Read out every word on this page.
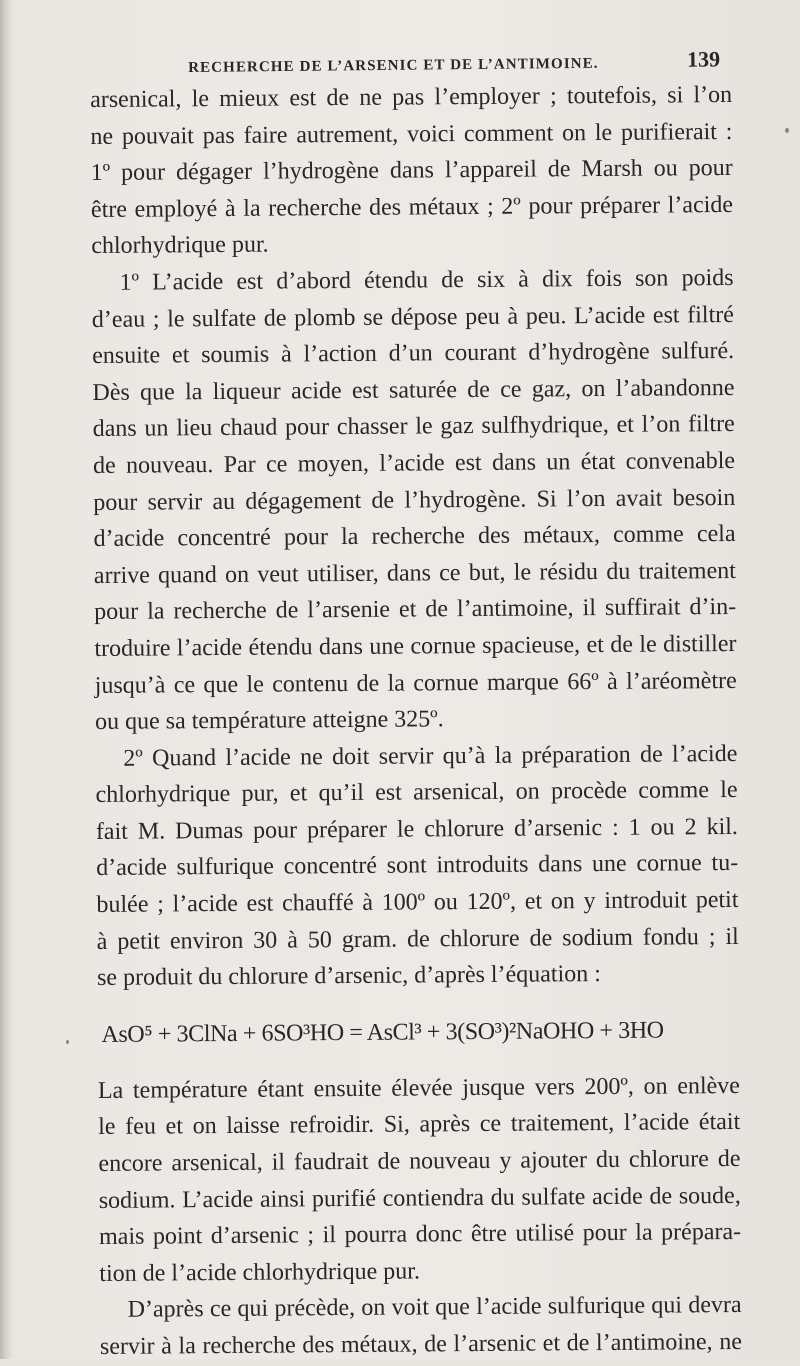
RECHERCHE DE L’ARSENIC ET DE L’ANTIMOINE.	139
arsenical, le mieux est de ne pas l’employer ; toutefois, si l’on
ne pouvait pas faire autrement, voici comment on le purifierait :
1º pour dégager l’hydrogène dans l’appareil de Marsh ou pour
être employé à la recherche des métaux ; 2º pour préparer l’acide
chlorhydrique pur.
1º L’acide est d’abord étendu de six à dix fois son poids
d’eau ; le sulfate de plomb se dépose peu à peu. L’acide est filtré
ensuite et soumis à l’action d’un courant d’hydrogène sulfuré.
Dès que la liqueur acide est saturée de ce gaz, on l’abandonne
dans un lieu chaud pour chasser le gaz sulfhydrique, et l’on filtre
de nouveau. Par ce moyen, l’acide est dans un état convenable
pour servir au dégagement de l’hydrogène. Si l’on avait besoin
d’acide concentré pour la recherche des métaux, comme cela
arrive quand on veut utiliser, dans ce but, le résidu du traitement
pour la recherche de l’arsenie et de l’antimoine, il suffirait d’in-
troduire l’acide étendu dans une cornue spacieuse, et de le distiller
jusqu’à ce que le contenu de la cornue marque 66º à l’aréomètre
ou que sa température atteigne 325º.
2º Quand l’acide ne doit servir qu’à la préparation de l’acide
chlorhydrique pur, et qu’il est arsenical, on procède comme le
fait M. Dumas pour préparer le chlorure d’arsenic : 1 ou 2 kil.
d’acide sulfurique concentré sont introduits dans une cornue tu-
bulée ; l’acide est chauffé à 100º ou 120º, et on y introduit petit
à petit environ 30 à 50 gram. de chlorure de sodium fondu ; il
se produit du chlorure d’arsenic, d’après l’équation :
AsO⁵ + 3ClNa + 6SO³HO = AsCl³ + 3(SO³)²NaOHO + 3HO
La température étant ensuite élevée jusque vers 200º, on enlève
le feu et on laisse refroidir. Si, après ce traitement, l’acide était
encore arsenical, il faudrait de nouveau y ajouter du chlorure de
sodium. L’acide ainsi purifié contiendra du sulfate acide de soude,
mais point d’arsenic ; il pourra donc être utilisé pour la prépara-
tion de l’acide chlorhydrique pur.
D’après ce qui précède, on voit que l’acide sulfurique qui devra
servir à la recherche des métaux, de l’arsenic et de l’antimoine, ne
